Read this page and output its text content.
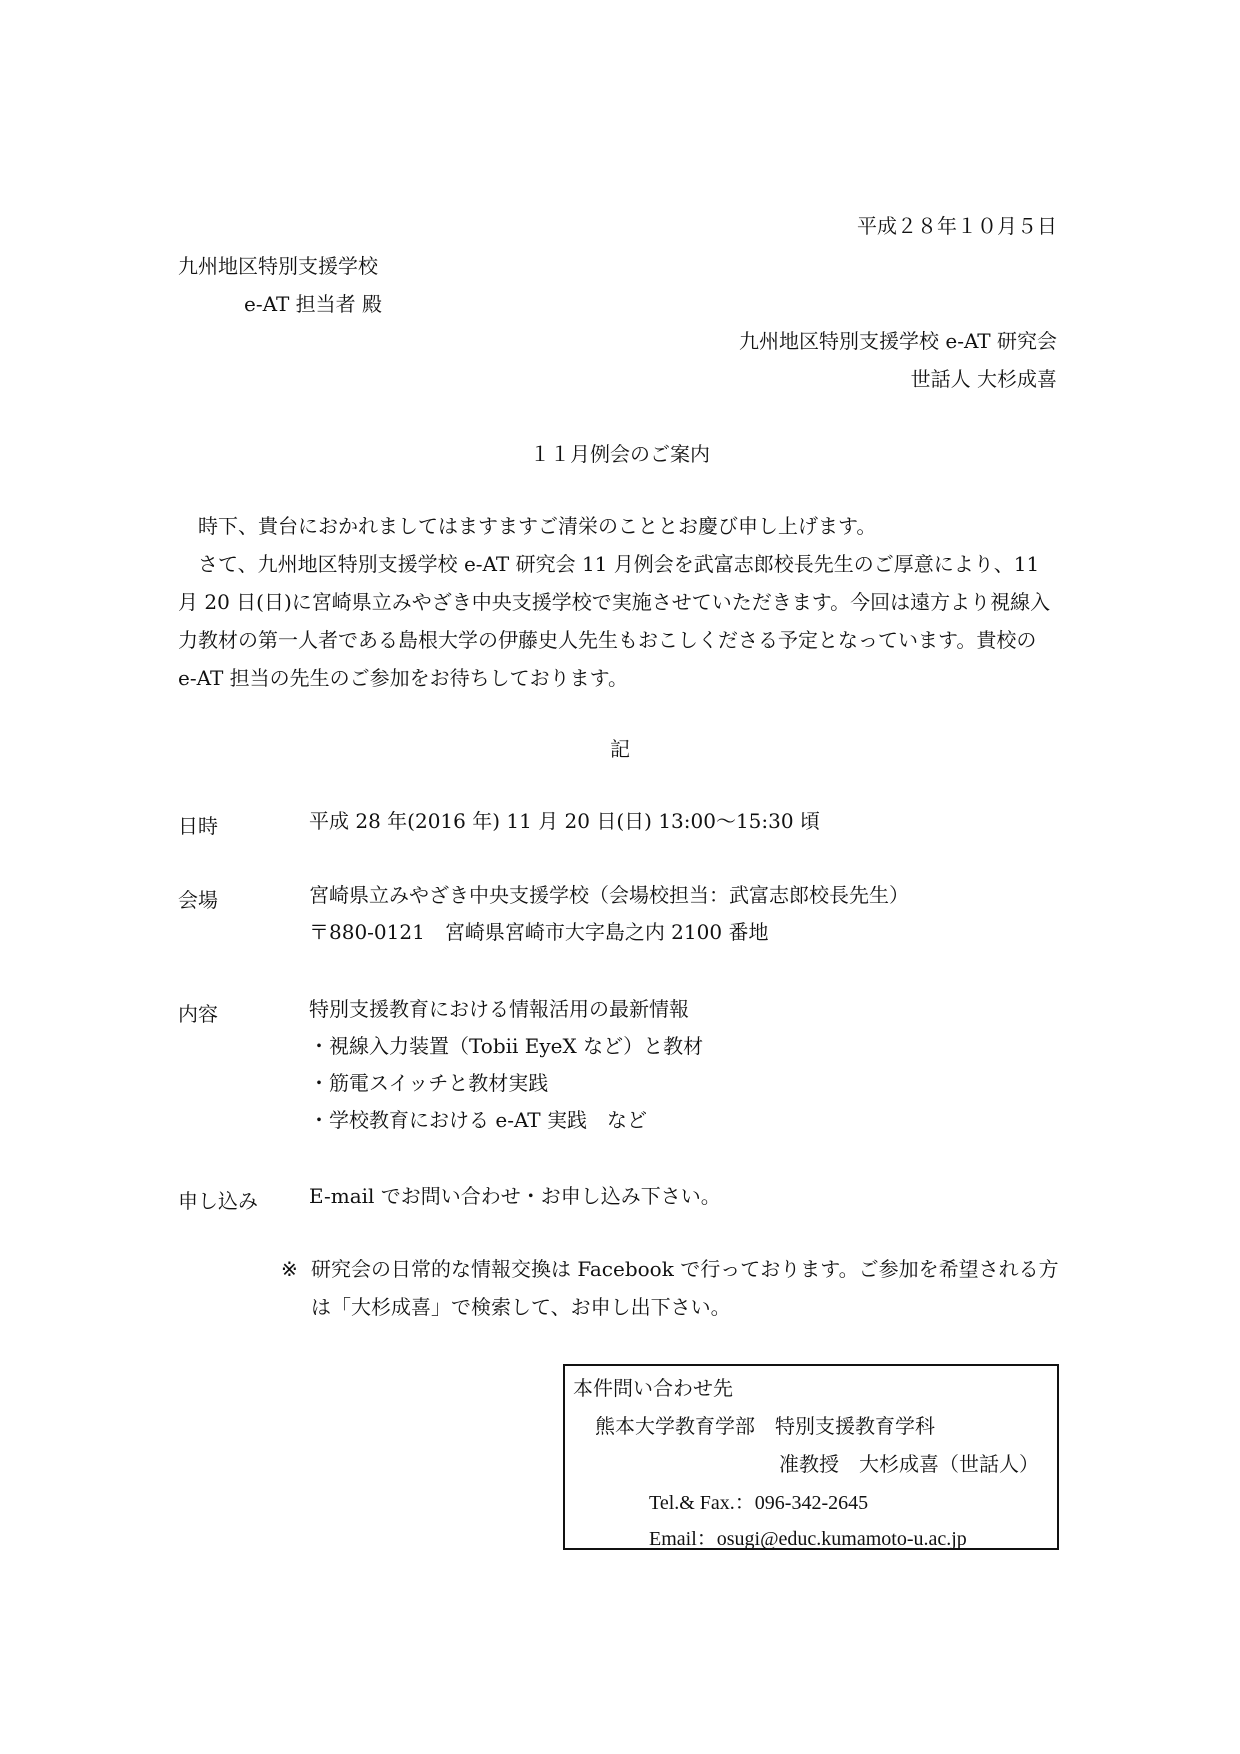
平成２８年１０月５日
九州地区特別支援学校
e-AT 担当者 殿
九州地区特別支援学校 e-AT 研究会
世話人 大杉成喜
１１月例会のご案内

時下、貴台におかれましてはますますご清栄のこととお慶び申し上げます。

さて、九州地区特別支援学校 e-AT 研究会 11 月例会を武富志郎校長先生のご厚意により、11 月 20 日(日)に宮崎県立みやざき中央支援学校で実施させていただきます。今回は遠方より視線入力教材の第一人者である島根大学の伊藤史人先生もおこしくださる予定となっています。貴校の e-AT 担当の先生のご参加をお待ちしております。

記
日時	平成 28 年(2016 年) 11 月 20 日(日) 13:00〜15:30 頃
会場	宮崎県立みやざき中央支援学校（会場校担当：武富志郎校長先生）
〒880‐0121　宮崎県宮崎市大字島之内 2100 番地
内容	特別支援教育における情報活用の最新情報
・視線入力装置（Tobii EyeX など）と教材
・筋電スイッチと教材実践
・学校教育における e-AT 実践　など
申し込み	E-mail でお問い合わせ・お申し込み下さい。
※ 研究会の日常的な情報交換は Facebook で行っております。ご参加を希望される方は「大杉成喜」で検索して、お申し出下さい。
本件問い合わせ先
熊本大学教育学部　特別支援教育学科
准教授　大杉成喜（世話人）
Tel.& Fax.：096‐342‐2645
Email：osugi@educ.kumamoto‐u.ac.jp
